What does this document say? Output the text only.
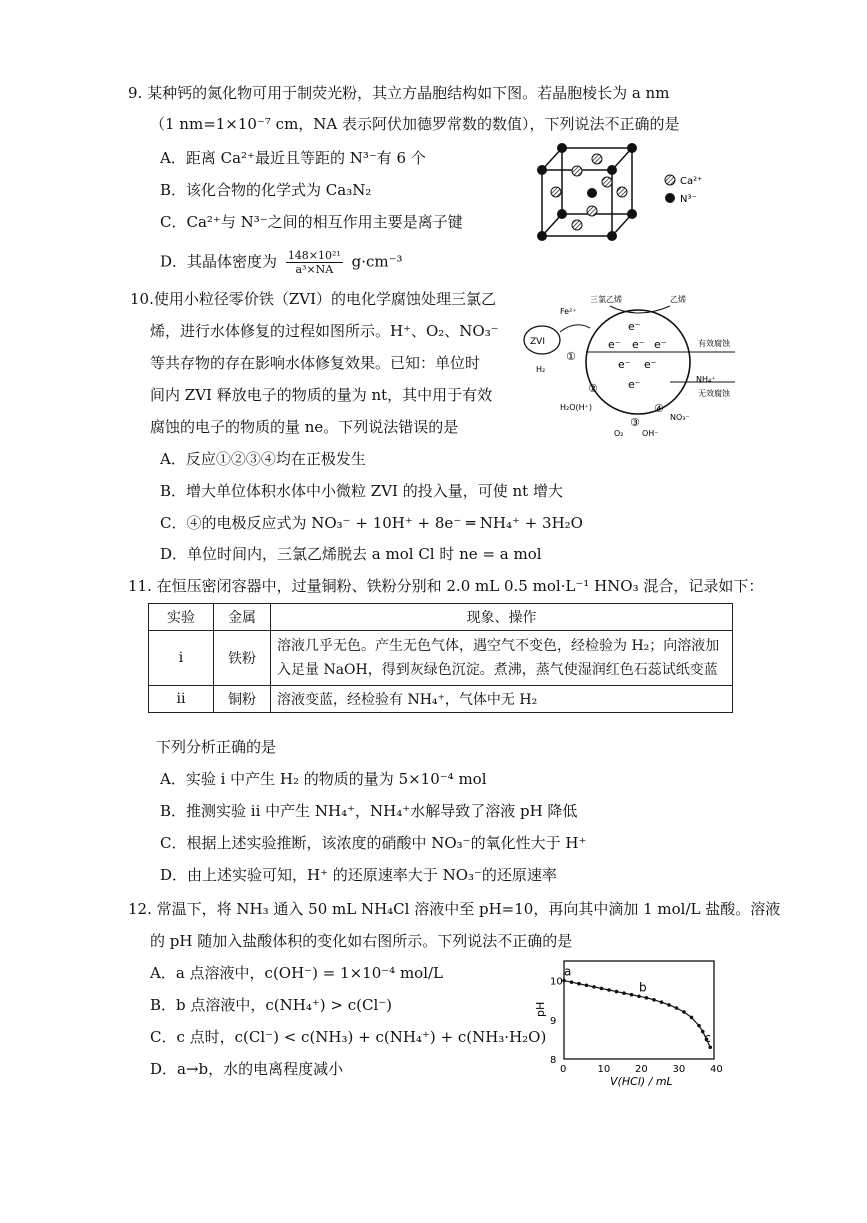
9. 某种钙的氮化物可用于制荧光粉，其立方晶胞结构如下图。若晶胞棱长为 a nm
（1 nm=1×10⁻⁷ cm，NA 表示阿伏加德罗常数的数值），下列说法不正确的是
A．距离 Ca²⁺最近且等距的 N³⁻有 6 个
B．该化合物的化学式为 Ca₃N₂
C．Ca²⁺与 N³⁻之间的相互作用主要是离子键
D．其晶体密度为 $\frac{\text{148×10²¹}}{\text{a³×NA}} g\cdot cm^{-3}$
Ca²⁺
N³⁻
10.使用小粒径零价铁（ZVI）的电化学腐蚀处理三氯乙
烯，进行水体修复的过程如图所示。H⁺、O₂、NO₃⁻
等共存物的存在影响水体修复效果。已知：单位时
间内 ZVI 释放电子的物质的量为 nt，其中用于有效
腐蚀的电子的物质的量 ne。下列说法错误的是
A．反应①②③④均在正极发生
B．增大单位体积水体中小微粒 ZVI 的投入量，可使 nt 增大
C．④的电极反应式为 NO₃⁻ + 10H⁺ + 8e⁻ ═ NH₄⁺ + 3H₂O
D．单位时间内，三氯乙烯脱去 a mol Cl 时 ne = a mol
ZVI
Fe²⁺
三氯乙烯	乙烯
有效腐蚀
无效腐蚀
H₂
①
②
③
④
H₂O(H⁺)
O₂ OH⁻
NH₄⁺
NO₃⁻
e⁻
e⁻ e⁻ e⁻
e⁻ e⁻
e⁻
11. 在恒压密闭容器中，过量铜粉、铁粉分别和 2.0 mL 0.5 mol·L⁻¹ HNO₃ 混合，记录如下：
实验	金属	现象、操作
i	铁粉	溶液几乎无色。产生无色气体，遇空气不变色，经检验为 H₂；向溶液加入足量 NaOH，得到灰绿色沉淀。煮沸，蒸气使湿润红色石蕊试纸变蓝
ii	铜粉	溶液变蓝，经检验有 NH₄⁺，气体中无 H₂
下列分析正确的是
A．实验 i 中产生 H₂ 的物质的量为 5×10⁻⁴ mol
B．推测实验 ii 中产生 NH₄⁺，NH₄⁺水解导致了溶液 pH 降低
C．根据上述实验推断，该浓度的硝酸中 NO₃⁻的氧化性大于 H⁺
D．由上述实验可知，H⁺ 的还原速率大于 NO₃⁻的还原速率
12. 常温下，将 NH₃ 通入 50 mL NH₄Cl 溶液中至 pH=10，再向其中滴加 1 mol/L 盐酸。溶液
的 pH 随加入盐酸体积的变化如右图所示。下列说法不正确的是
A．a 点溶液中，c(OH⁻) = 1×10⁻⁴ mol/L
B．b 点溶液中，c(NH₄⁺) > c(Cl⁻)
C．c 点时，c(Cl⁻) < c(NH₃) + c(NH₄⁺) + c(NH₃·H₂O)
D．a→b，水的电离程度减小
a
b
c
0	10 20 30 40
8
9
10
pH
V(HCl) / mL
